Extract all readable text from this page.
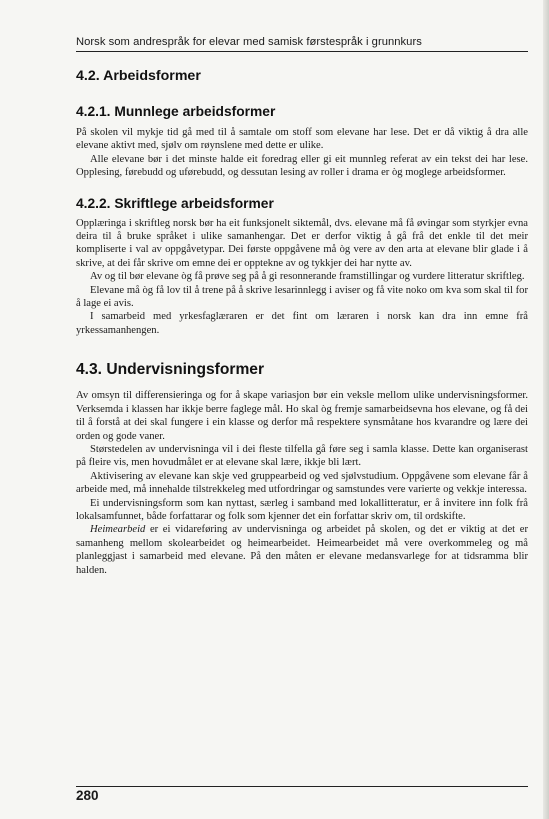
Norsk som andrespråk for elevar med samisk førstespråk i grunnkurs
4.2. Arbeidsformer
4.2.1. Munnlege arbeidsformer

På skolen vil mykje tid gå med til å samtale om stoff som elevane har lese. Det er då viktig å dra alle elevane aktivt med, sjølv om røynslene med dette er ulike.

Alle elevane bør i det minste halde eit foredrag eller gi eit munnleg referat av ein tekst dei har lese. Opplesing, førebudd og uførebudd, og dessutan lesing av roller i drama er òg moglege arbeidsformer.

4.2.2. Skriftlege arbeidsformer

Opplæringa i skriftleg norsk bør ha eit funksjonelt siktemål, dvs. elevane må få øvingar som styrkjer evna deira til å bruke språket i ulike samanhengar. Det er derfor viktig å gå frå det enkle til det meir kompliserte i val av oppgåvetypar. Dei første oppgåvene må òg vere av den arta at elevane blir glade i å skrive, at dei får skrive om emne dei er opptekne av og tykkjer dei har nytte av.

Av og til bør elevane òg få prøve seg på å gi resonnerande framstillingar og vurdere litteratur skriftleg.

Elevane må òg få lov til å trene på å skrive lesarinnlegg i aviser og få vite noko om kva som skal til for å lage ei avis.

I samarbeid med yrkesfaglæraren er det fint om læraren i norsk kan dra inn emne frå yrkessamanhengen.

4.3. Undervisningsformer

Av omsyn til differensieringa og for å skape variasjon bør ein veksle mellom ulike undervisningsformer. Verksemda i klassen har ikkje berre faglege mål. Ho skal òg fremje samarbeidsevna hos elevane, og få dei til å forstå at dei skal fungere i ein klasse og derfor må respektere synsmåtane hos kvarandre og lære dei orden og gode vaner.

Størstedelen av undervisninga vil i dei fleste tilfella gå føre seg i samla klasse. Dette kan organiserast på fleire vis, men hovudmålet er at elevane skal lære, ikkje bli lært.

Aktivisering av elevane kan skje ved gruppearbeid og ved sjølvstudium. Oppgåvene som elevane får å arbeide med, må innehalde tilstrekkeleg med utfordringar og samstundes vere varierte og vekkje interessa.

Ei undervisningsform som kan nyttast, særleg i samband med lokallitteratur, er å invitere inn folk frå lokalsamfunnet, både forfattarar og folk som kjenner det ein forfattar skriv om, til ordskifte.

Heimearbeid er ei vidareføring av undervisninga og arbeidet på skolen, og det er viktig at det er samanheng mellom skolearbeidet og heimearbeidet. Heimearbeidet må vere overkommeleg og må planleggjast i samarbeid med elevane. På den måten er elevane medansvarlege for at tidsramma blir halden.

280
